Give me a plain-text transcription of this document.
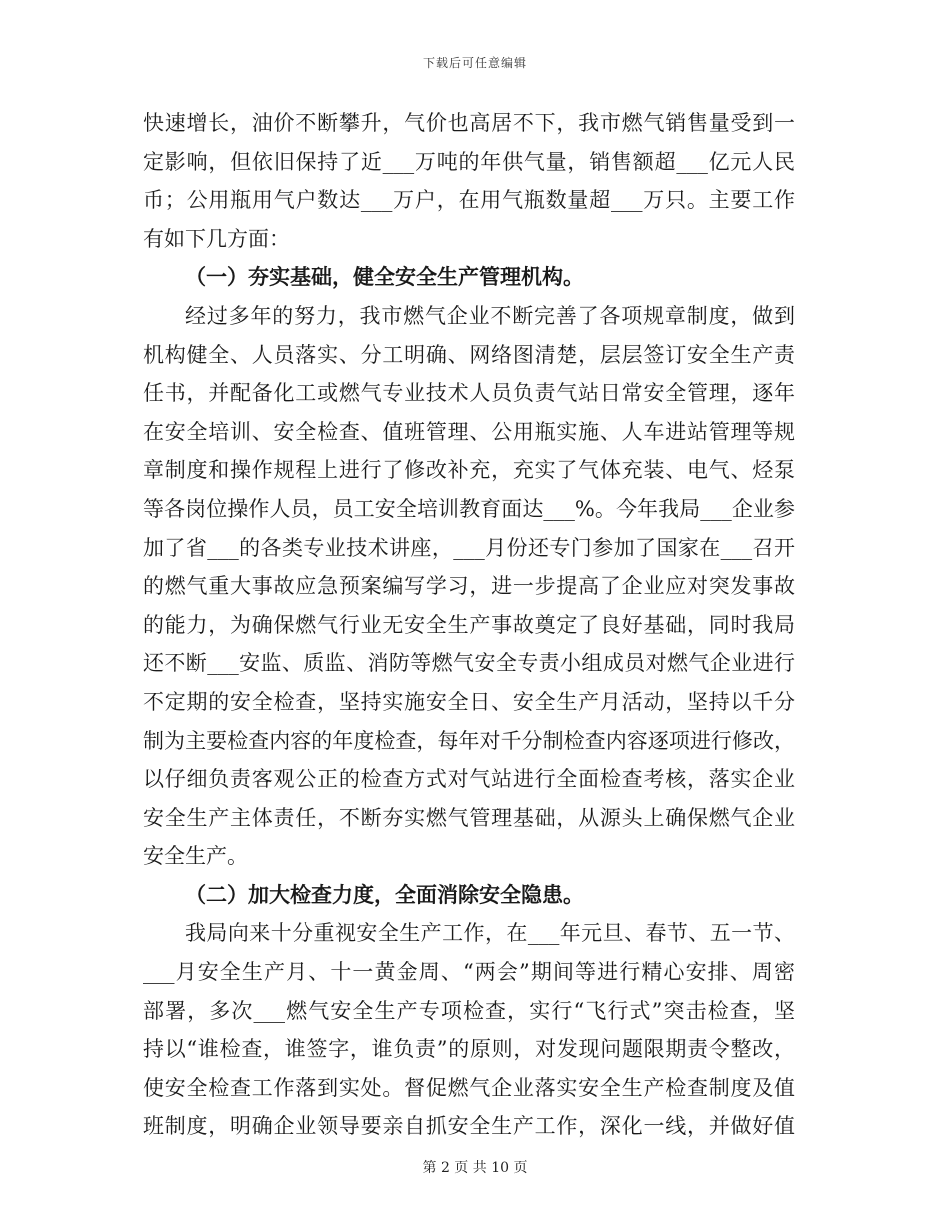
下载后可任意编辑
快速增长，油价不断攀升，气价也高居不下，我市燃气销售量受到一
定影响，但依旧保持了近___万吨的年供气量，销售额超___亿元人民
币；公用瓶用气户数达___万户，在用气瓶数量超___万只。主要工作
有如下几方面：
（一）夯实基础，健全安全生产管理机构。
经过多年的努力，我市燃气企业不断完善了各项规章制度，做到
机构健全、人员落实、分工明确、网络图清楚，层层签订安全生产责
任书，并配备化工或燃气专业技术人员负责气站日常安全管理，逐年
在安全培训、安全检查、值班管理、公用瓶实施、人车进站管理等规
章制度和操作规程上进行了修改补充，充实了气体充装、电气、烃泵
等各岗位操作人员，员工安全培训教育面达___%。今年我局___企业参
加了省___的各类专业技术讲座，___月份还专门参加了国家在___召开
的燃气重大事故应急预案编写学习，进一步提高了企业应对突发事故
的能力，为确保燃气行业无安全生产事故奠定了良好基础，同时我局
还不断___安监、质监、消防等燃气安全专责小组成员对燃气企业进行
不定期的安全检查，坚持实施安全日、安全生产月活动，坚持以千分
制为主要检查内容的年度检查，每年对千分制检查内容逐项进行修改，
以仔细负责客观公正的检查方式对气站进行全面检查考核，落实企业
安全生产主体责任，不断夯实燃气管理基础，从源头上确保燃气企业
安全生产。
（二）加大检查力度，全面消除安全隐患。
我局向来十分重视安全生产工作，在___年元旦、春节、五一节、
___月安全生产月、十一黄金周、“两会”期间等进行精心安排、周密
部署，多次___燃气安全生产专项检查，实行“飞行式”突击检查，坚
持以“谁检查，谁签字，谁负责”的原则，对发现问题限期责令整改，
使安全检查工作落到实处。督促燃气企业落实安全生产检查制度及值
班制度，明确企业领导要亲自抓安全生产工作，深化一线，并做好值
第 2 页 共 10 页
